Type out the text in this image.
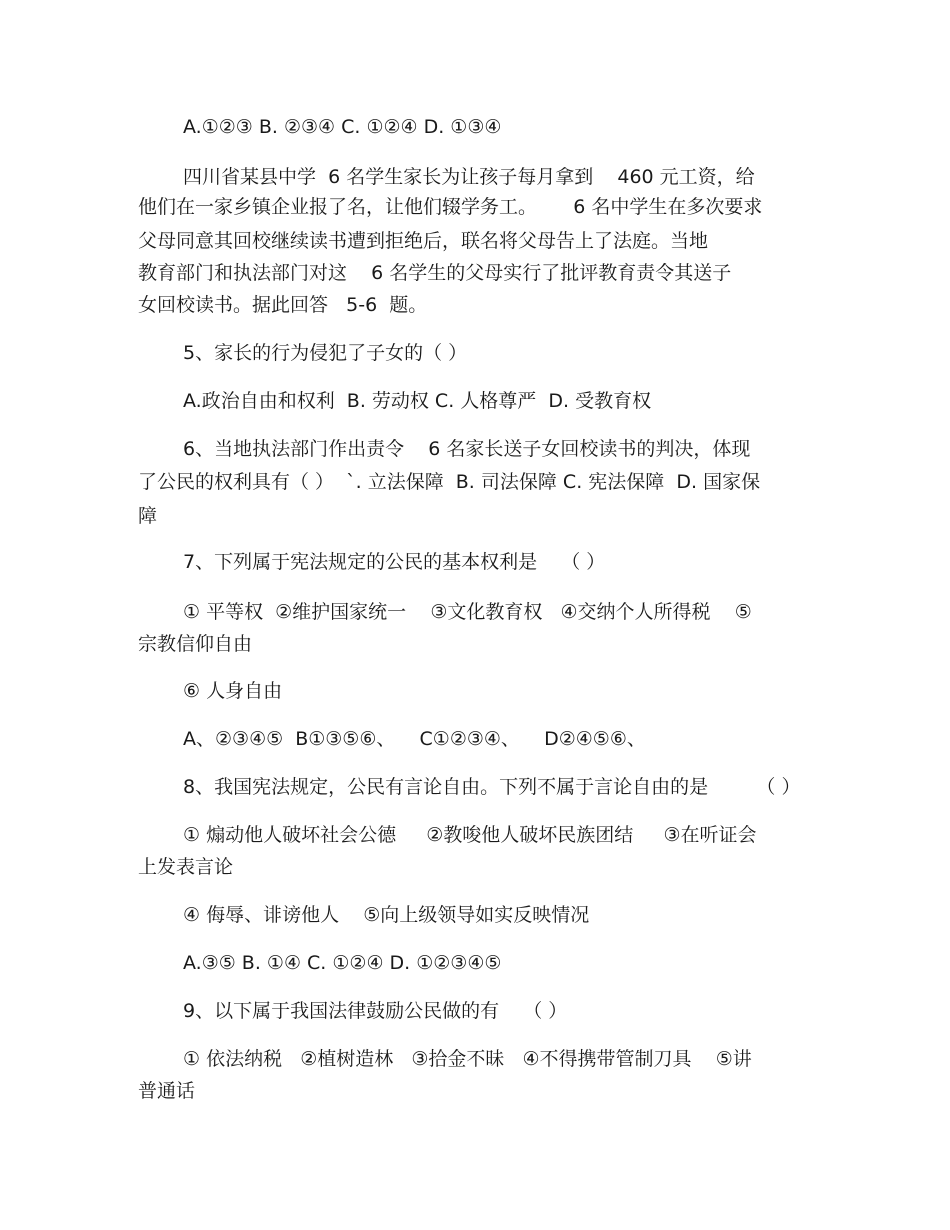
A.①②③ B. ②③④ C. ①②④ D. ①③④
四川省某县中学  6 名学生家长为让孩子每月拿到    460 元工资，给
他们在一家乡镇企业报了名，让他们辍学务工。      6 名中学生在多次要求
父母同意其回校继续读书遭到拒绝后，联名将父母告上了法庭。当地
教育部门和执法部门对这    6 名学生的父母实行了批评教育责令其送子
女回校读书。据此回答   5-6  题。
5、家长的行为侵犯了子女的（ ）
A.政治自由和权利  B. 劳动权 C. 人格尊严  D. 受教育权
6、当地执法部门作出责令    6 名家长送子女回校读书的判决，体现
了公民的权利具有（ ）  `. 立法保障  B. 司法保障 C. 宪法保障  D. 国家保
障
7、下列属于宪法规定的公民的基本权利是    （ ）
① 平等权  ②维护国家统一    ③文化教育权   ④交纳个人所得税    ⑤
宗教信仰自由
⑥ 人身自由
A、②③④⑤  B①③⑤⑥、    C①②③④、    D②④⑤⑥、
8、我国宪法规定，公民有言论自由。下列不属于言论自由的是        （ ）
① 煽动他人破坏社会公德     ②教唆他人破坏民族团结     ③在听证会
上发表言论
④ 侮辱、诽谤他人    ⑤向上级领导如实反映情况
A.③⑤ B. ①④ C. ①②④ D. ①②③④⑤
9、以下属于我国法律鼓励公民做的有    （ ）
① 依法纳税   ②植树造林   ③拾金不昧   ④不得携带管制刀具    ⑤讲
普通话
